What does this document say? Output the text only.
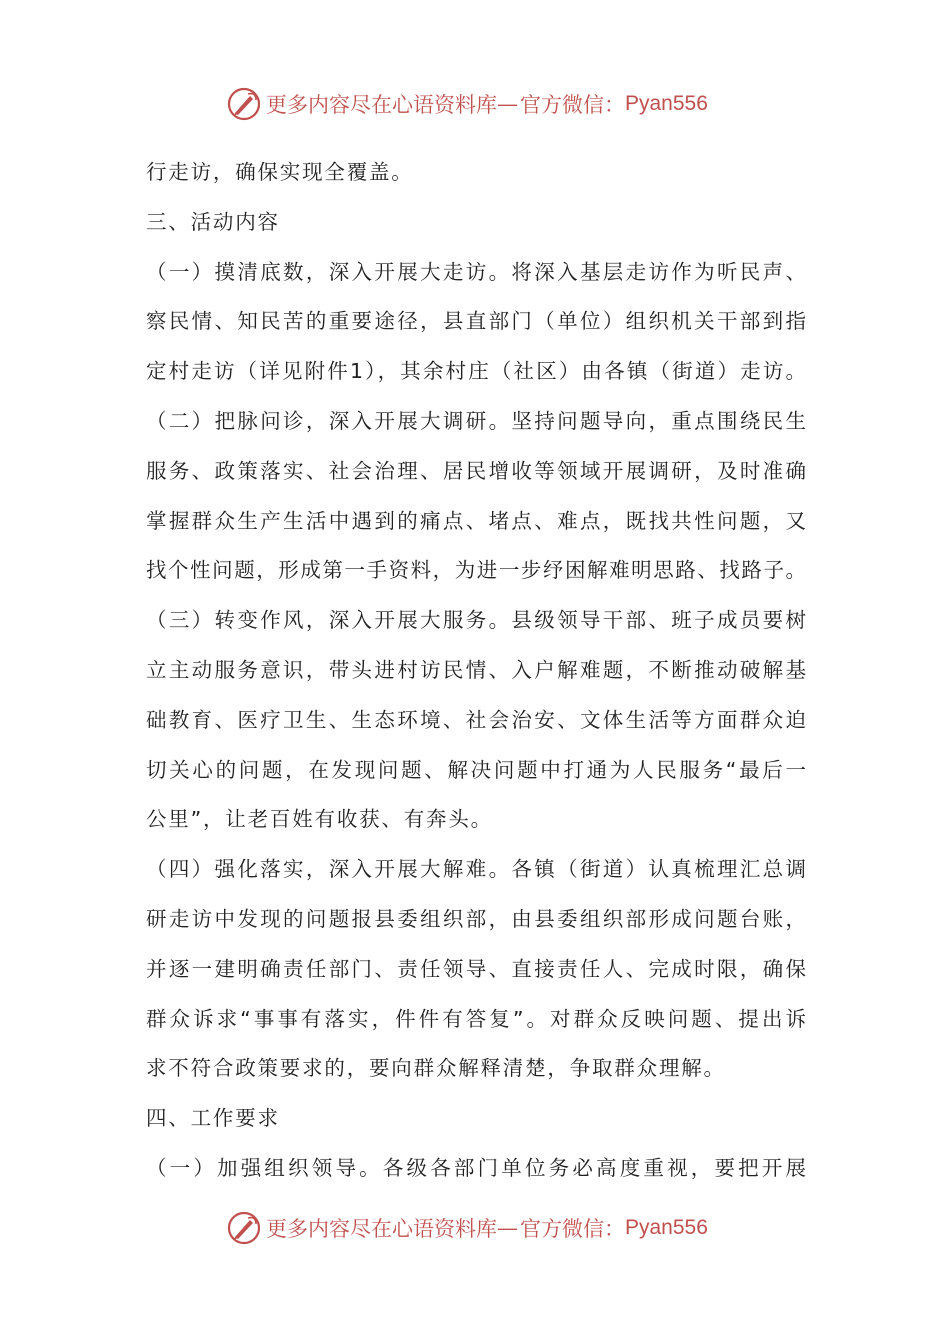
更多内容尽在心语资料库 — 官方微信： Pyan556
行走访，确保实现全覆盖。
三、活动内容
（一）摸清底数，深入开展大走访。将深入基层走访作为听民声、
察民情、知民苦的重要途径，县直部门（单位）组织机关干部到指
定村走访（详见附件1），其余村庄（社区）由各镇（街道）走访。
（二）把脉问诊，深入开展大调研。坚持问题导向，重点围绕民生
服务、政策落实、社会治理、居民增收等领域开展调研，及时准确
掌握群众生产生活中遇到的痛点、堵点、难点，既找共性问题，又
找个性问题，形成第一手资料，为进一步纾困解难明思路、找路子。
（三）转变作风，深入开展大服务。县级领导干部、班子成员要树
立主动服务意识，带头进村访民情、入户解难题，不断推动破解基
础教育、医疗卫生、生态环境、社会治安、文体生活等方面群众迫
切关心的问题，在发现问题、解决问题中打通为人民服务“最后一
公里”，让老百姓有收获、有奔头。
（四）强化落实，深入开展大解难。各镇（街道）认真梳理汇总调
研走访中发现的问题报县委组织部，由县委组织部形成问题台账，
并逐一建明确责任部门、责任领导、直接责任人、完成时限，确保
群众诉求“事事有落实，件件有答复”。对群众反映问题、提出诉
求不符合政策要求的，要向群众解释清楚，争取群众理解。
四、工作要求
（一）加强组织领导。各级各部门单位务必高度重视，要把开展
更多内容尽在心语资料库 — 官方微信： Pyan556
